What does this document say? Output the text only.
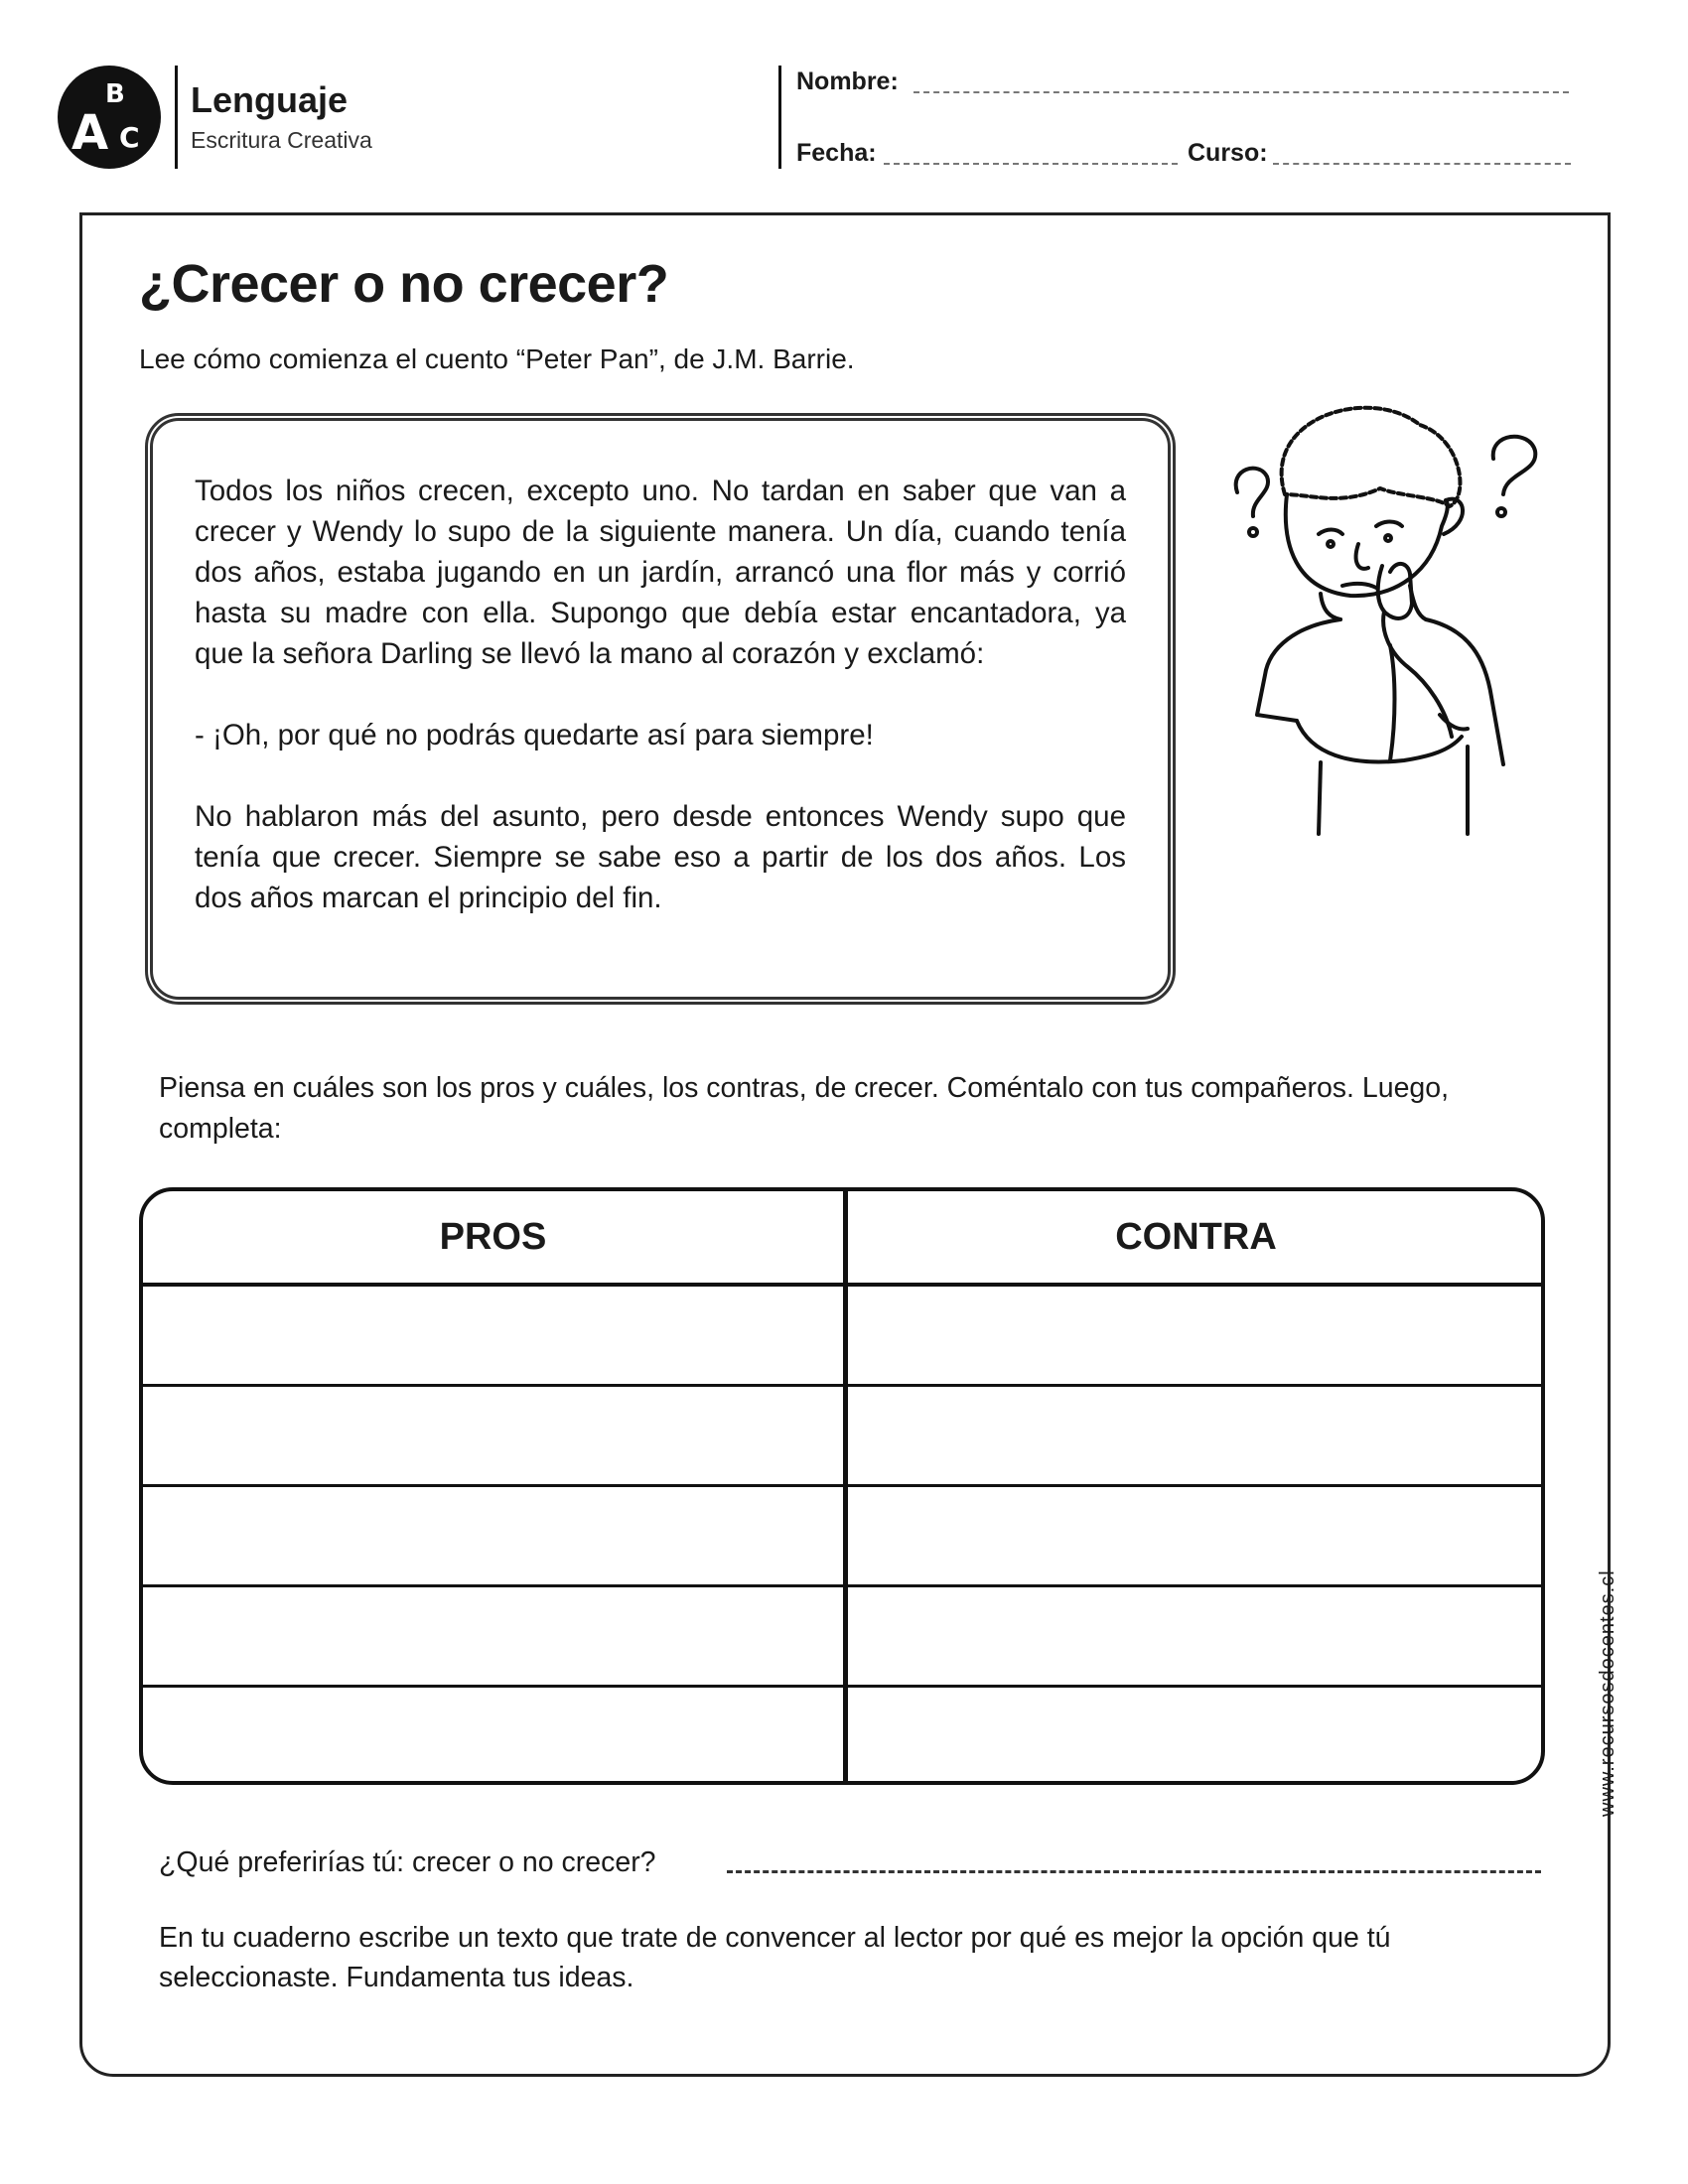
A
B
C
Lenguaje
Escritura Creativa
Nombre:
Fecha:	Curso:
¿Crecer o no crecer?
Lee cómo comienza el cuento “Peter Pan”, de J.M. Barrie.

Todos los niños crecen, excepto uno. No tardan en saber que van a crecer y Wendy lo supo de la siguiente manera. Un día, cuando tenía dos años, estaba jugando en un jardín, arrancó una flor más y corrió hasta su madre con ella. Supongo que debía estar encantadora, ya que la señora Darling se llevó la mano al corazón y exclamó:

- ¡Oh, por qué no podrás quedarte así para siempre!

No hablaron más del asunto, pero desde entonces Wendy supo que tenía que crecer. Siempre se sabe eso a partir de los dos años. Los dos años marcan el principio del fin.

Piensa en cuáles son los pros y cuáles, los contras, de crecer. Coméntalo con tus compañeros. Luego, completa:
PROS	CONTRA
¿Qué preferirías tú: crecer o no crecer?
En tu cuaderno escribe un texto que trate de convencer al lector por qué es mejor la opción que tú seleccionaste. Fundamenta tus ideas.
www.recursosdocentes.cl
